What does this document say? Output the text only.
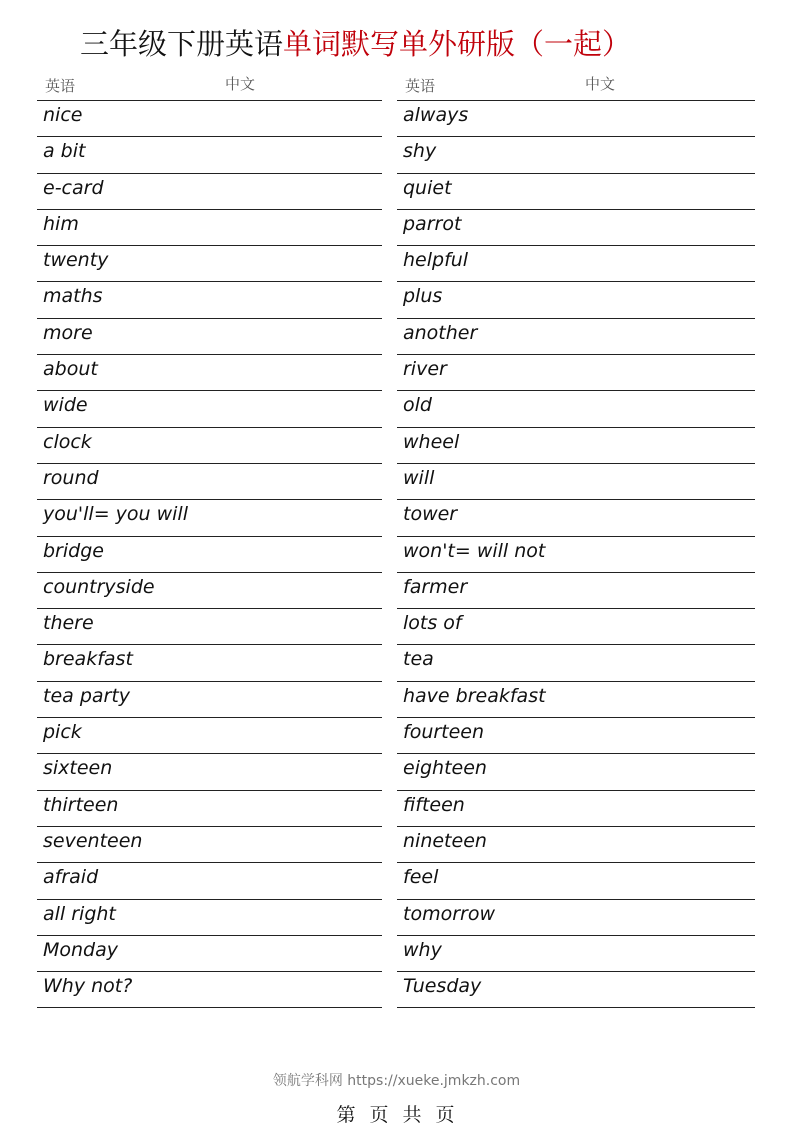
三年级下册英语单词默写单外研版（一起）
英语	中文
nice
a bit
e-card
him
twenty
maths
more
about
wide
clock
round
you'll= you will
bridge
countryside
there
breakfast
tea party
pick
sixteen
thirteen
seventeen
afraid
all right
Monday
Why not?
英语	中文
always
shy
quiet
parrot
helpful
plus
another
river
old
wheel
will
tower
won't= will not
farmer
lots of
tea
have breakfast
fourteen
eighteen
fifteen
nineteen
feel
tomorrow
why
Tuesday
领航学科网 https://xueke.jmkzh.com
第 页 共 页
